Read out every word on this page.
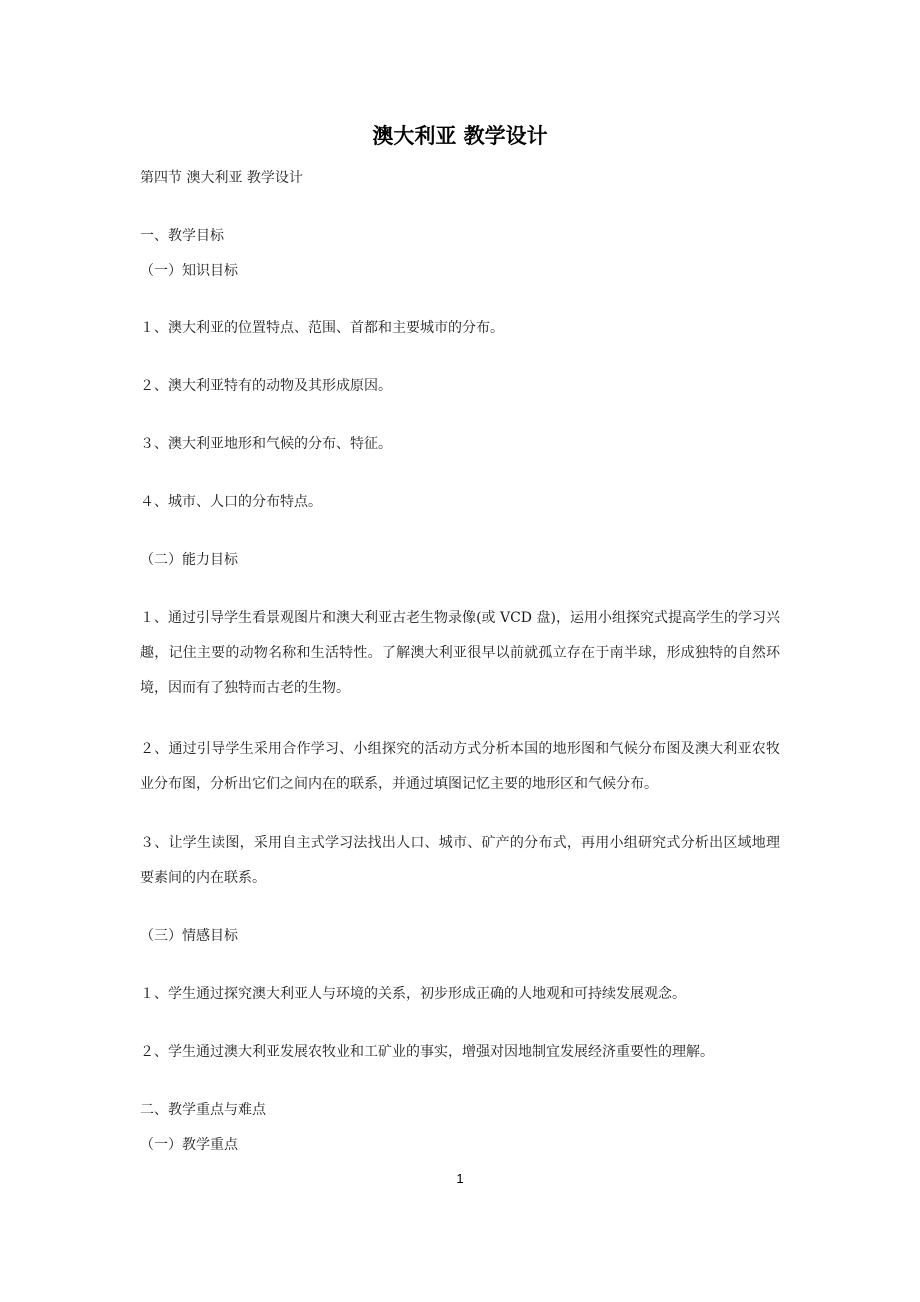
澳大利亚 教学设计
第四节 澳大利亚 教学设计
一、教学目标
（一）知识目标
１、澳大利亚的位置特点、范围、首都和主要城市的分布。
２、澳大利亚特有的动物及其形成原因。
３、澳大利亚地形和气候的分布、特征。
４、城市、人口的分布特点。
（二）能力目标
１、通过引导学生看景观图片和澳大利亚古老生物录像(或 VCD 盘)，运用小组探究式提高学生的学习兴趣，记住主要的动物名称和生活特性。了解澳大利亚很早以前就孤立存在于南半球，形成独特的自然环境，因而有了独特而古老的生物。
２、通过引导学生采用合作学习、小组探究的活动方式分析本国的地形图和气候分布图及澳大利亚农牧业分布图，分析出它们之间内在的联系，并通过填图记忆主要的地形区和气候分布。
３、让学生读图，采用自主式学习法找出人口、城市、矿产的分布式，再用小组研究式分析出区域地理要素间的内在联系。
（三）情感目标
１、学生通过探究澳大利亚人与环境的关系，初步形成正确的人地观和可持续发展观念。
２、学生通过澳大利亚发展农牧业和工矿业的事实，增强对因地制宜发展经济重要性的理解。
二、教学重点与难点
（一）教学重点
1
